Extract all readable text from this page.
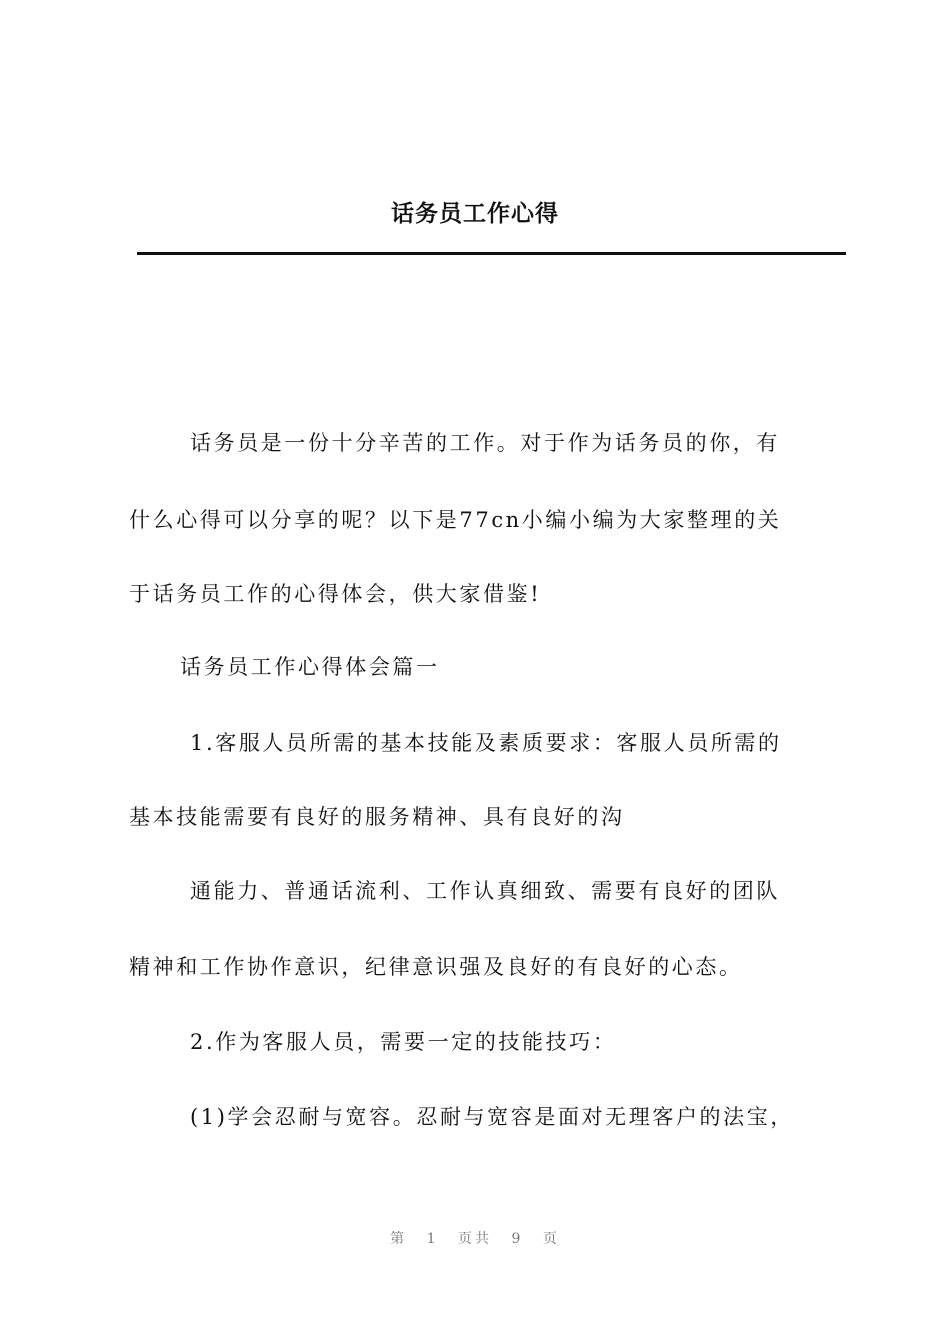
话务员工作心得
话务员是一份十分辛苦的工作。对于作为话务员的你，有
什么心得可以分享的呢？以下是77cn小编小编为大家整理的关
于话务员工作的心得体会，供大家借鉴!
话务员工作心得体会篇一
1.客服人员所需的基本技能及素质要求：客服人员所需的
基本技能需要有良好的服务精神、具有良好的沟
通能力、普通话流利、工作认真细致、需要有良好的团队
精神和工作协作意识，纪律意识强及良好的有良好的心态。
2.作为客服人员，需要一定的技能技巧：
(1)学会忍耐与宽容。忍耐与宽容是面对无理客户的法宝，
第 1 页共 9 页
